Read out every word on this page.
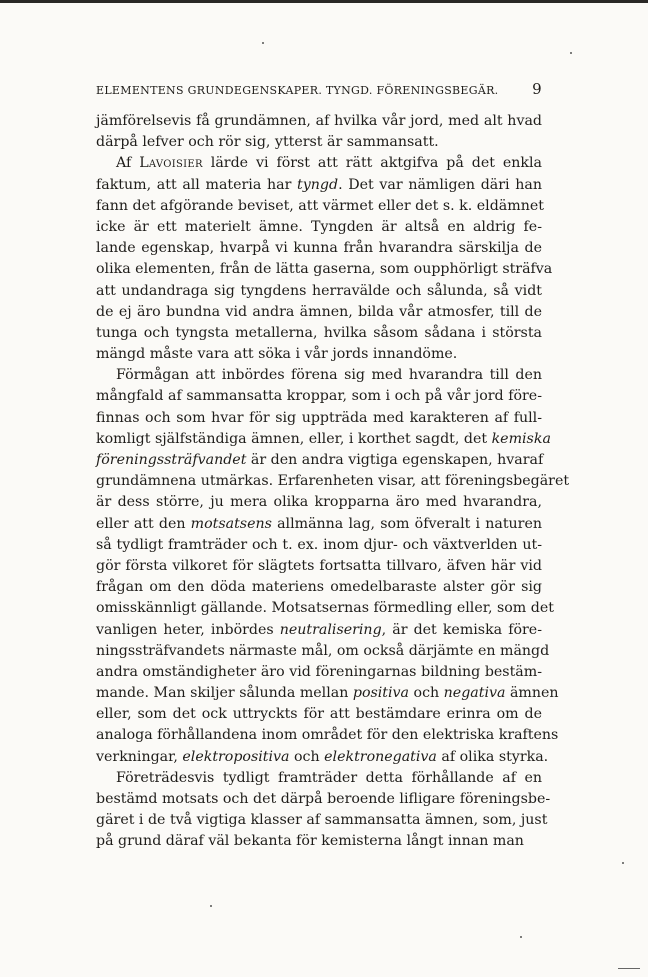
ELEMENTENS GRUNDEGENSKAPER. TYNGD. FÖRENINGSBEGÄR. 9
jämförelsevis få grundämnen, af hvilka vår jord, med alt hvad
därpå lefver och rör sig, ytterst är sammansatt.
Af Lavoisier lärde vi först att rätt aktgifva på det enkla
faktum, att all materia har tyngd. Det var nämligen däri han
fann det afgörande beviset, att värmet eller det s. k. eldämnet
icke är ett materielt ämne. Tyngden är altså en aldrig fe-
lande egenskap, hvarpå vi kunna från hvarandra särskilja de
olika elementen, från de lätta gaserna, som oupphörligt sträfva
att undandraga sig tyngdens herravälde och sålunda, så vidt
de ej äro bundna vid andra ämnen, bilda vår atmosfer, till de
tunga och tyngsta metallerna, hvilka såsom sådana i största
mängd måste vara att söka i vår jords innandöme.
Förmågan att inbördes förena sig med hvarandra till den
mångfald af sammansatta kroppar, som i och på vår jord före-
finnas och som hvar för sig uppträda med karakteren af full-
komligt själfständiga ämnen, eller, i korthet sagdt, det kemiska
föreningssträfvandet är den andra vigtiga egenskapen, hvaraf
grundämnena utmärkas. Erfarenheten visar, att föreningsbegäret
är dess större, ju mera olika kropparna äro med hvarandra,
eller att den motsatsens allmänna lag, som öfveralt i naturen
så tydligt framträder och t. ex. inom djur- och växtverlden ut-
gör första vilkoret för slägtets fortsatta tillvaro, äfven här vid
frågan om den döda materiens omedelbaraste alster gör sig
omisskännligt gällande. Motsatsernas förmedling eller, som det
vanligen heter, inbördes neutralisering, är det kemiska före-
ningssträfvandets närmaste mål, om också därjämte en mängd
andra omständigheter äro vid föreningarnas bildning bestäm-
mande. Man skiljer sålunda mellan positiva och negativa ämnen
eller, som det ock uttryckts för att bestämdare erinra om de
analoga förhållandena inom området för den elektriska kraftens
verkningar, elektropositiva och elektronegativa af olika styrka.
Företrädesvis tydligt framträder detta förhållande af en
bestämd motsats och det därpå beroende lifligare föreningsbe-
gäret i de två vigtiga klasser af sammansatta ämnen, som, just
på grund däraf väl bekanta för kemisterna långt innan man
